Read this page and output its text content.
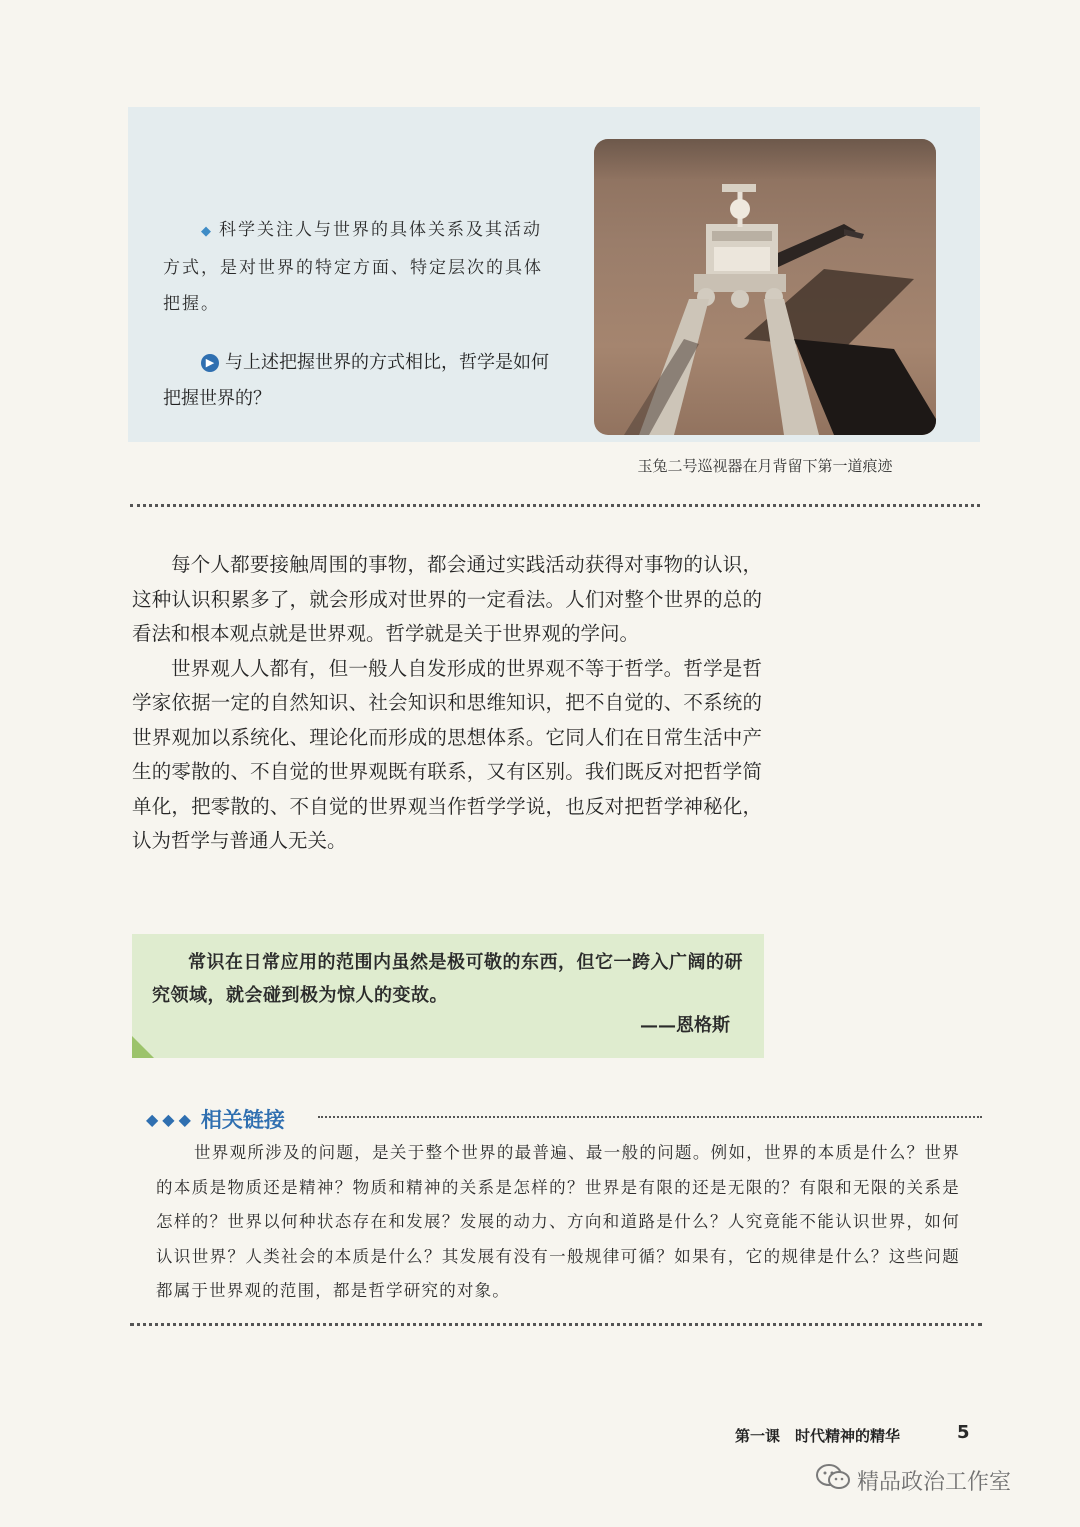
◆ 科学关注人与世界的具体关系及其活动方式，是对世界的特定方面、特定层次的具体把握。
▶ 与上述把握世界的方式相比，哲学是如何把握世界的？
玉兔二号巡视器在月背留下第一道痕迹

每个人都要接触周围的事物，都会通过实践活动获得对事物的认识，这种认识积累多了，就会形成对世界的一定看法。人们对整个世界的总的看法和根本观点就是世界观。哲学就是关于世界观的学问。

世界观人人都有，但一般人自发形成的世界观不等于哲学。哲学是哲学家依据一定的自然知识、社会知识和思维知识，把不自觉的、不系统的世界观加以系统化、理论化而形成的思想体系。它同人们在日常生活中产生的零散的、不自觉的世界观既有联系，又有区别。我们既反对把哲学简单化，把零散的、不自觉的世界观当作哲学学说，也反对把哲学神秘化，认为哲学与普通人无关。

常识在日常应用的范围内虽然是极可敬的东西，但它一跨入广阔的研究领域，就会碰到极为惊人的变故。
——恩格斯
◆◆◆ 相关链接

世界观所涉及的问题，是关于整个世界的最普遍、最一般的问题。例如，世界的本质是什么？世界的本质是物质还是精神？物质和精神的关系是怎样的？世界是有限的还是无限的？有限和无限的关系是怎样的？世界以何种状态存在和发展？发展的动力、方向和道路是什么？人究竟能不能认识世界，如何认识世界？人类社会的本质是什么？其发展有没有一般规律可循？如果有，它的规律是什么？这些问题都属于世界观的范围，都是哲学研究的对象。

第一课　时代精神的精华	5
精品政治工作室
